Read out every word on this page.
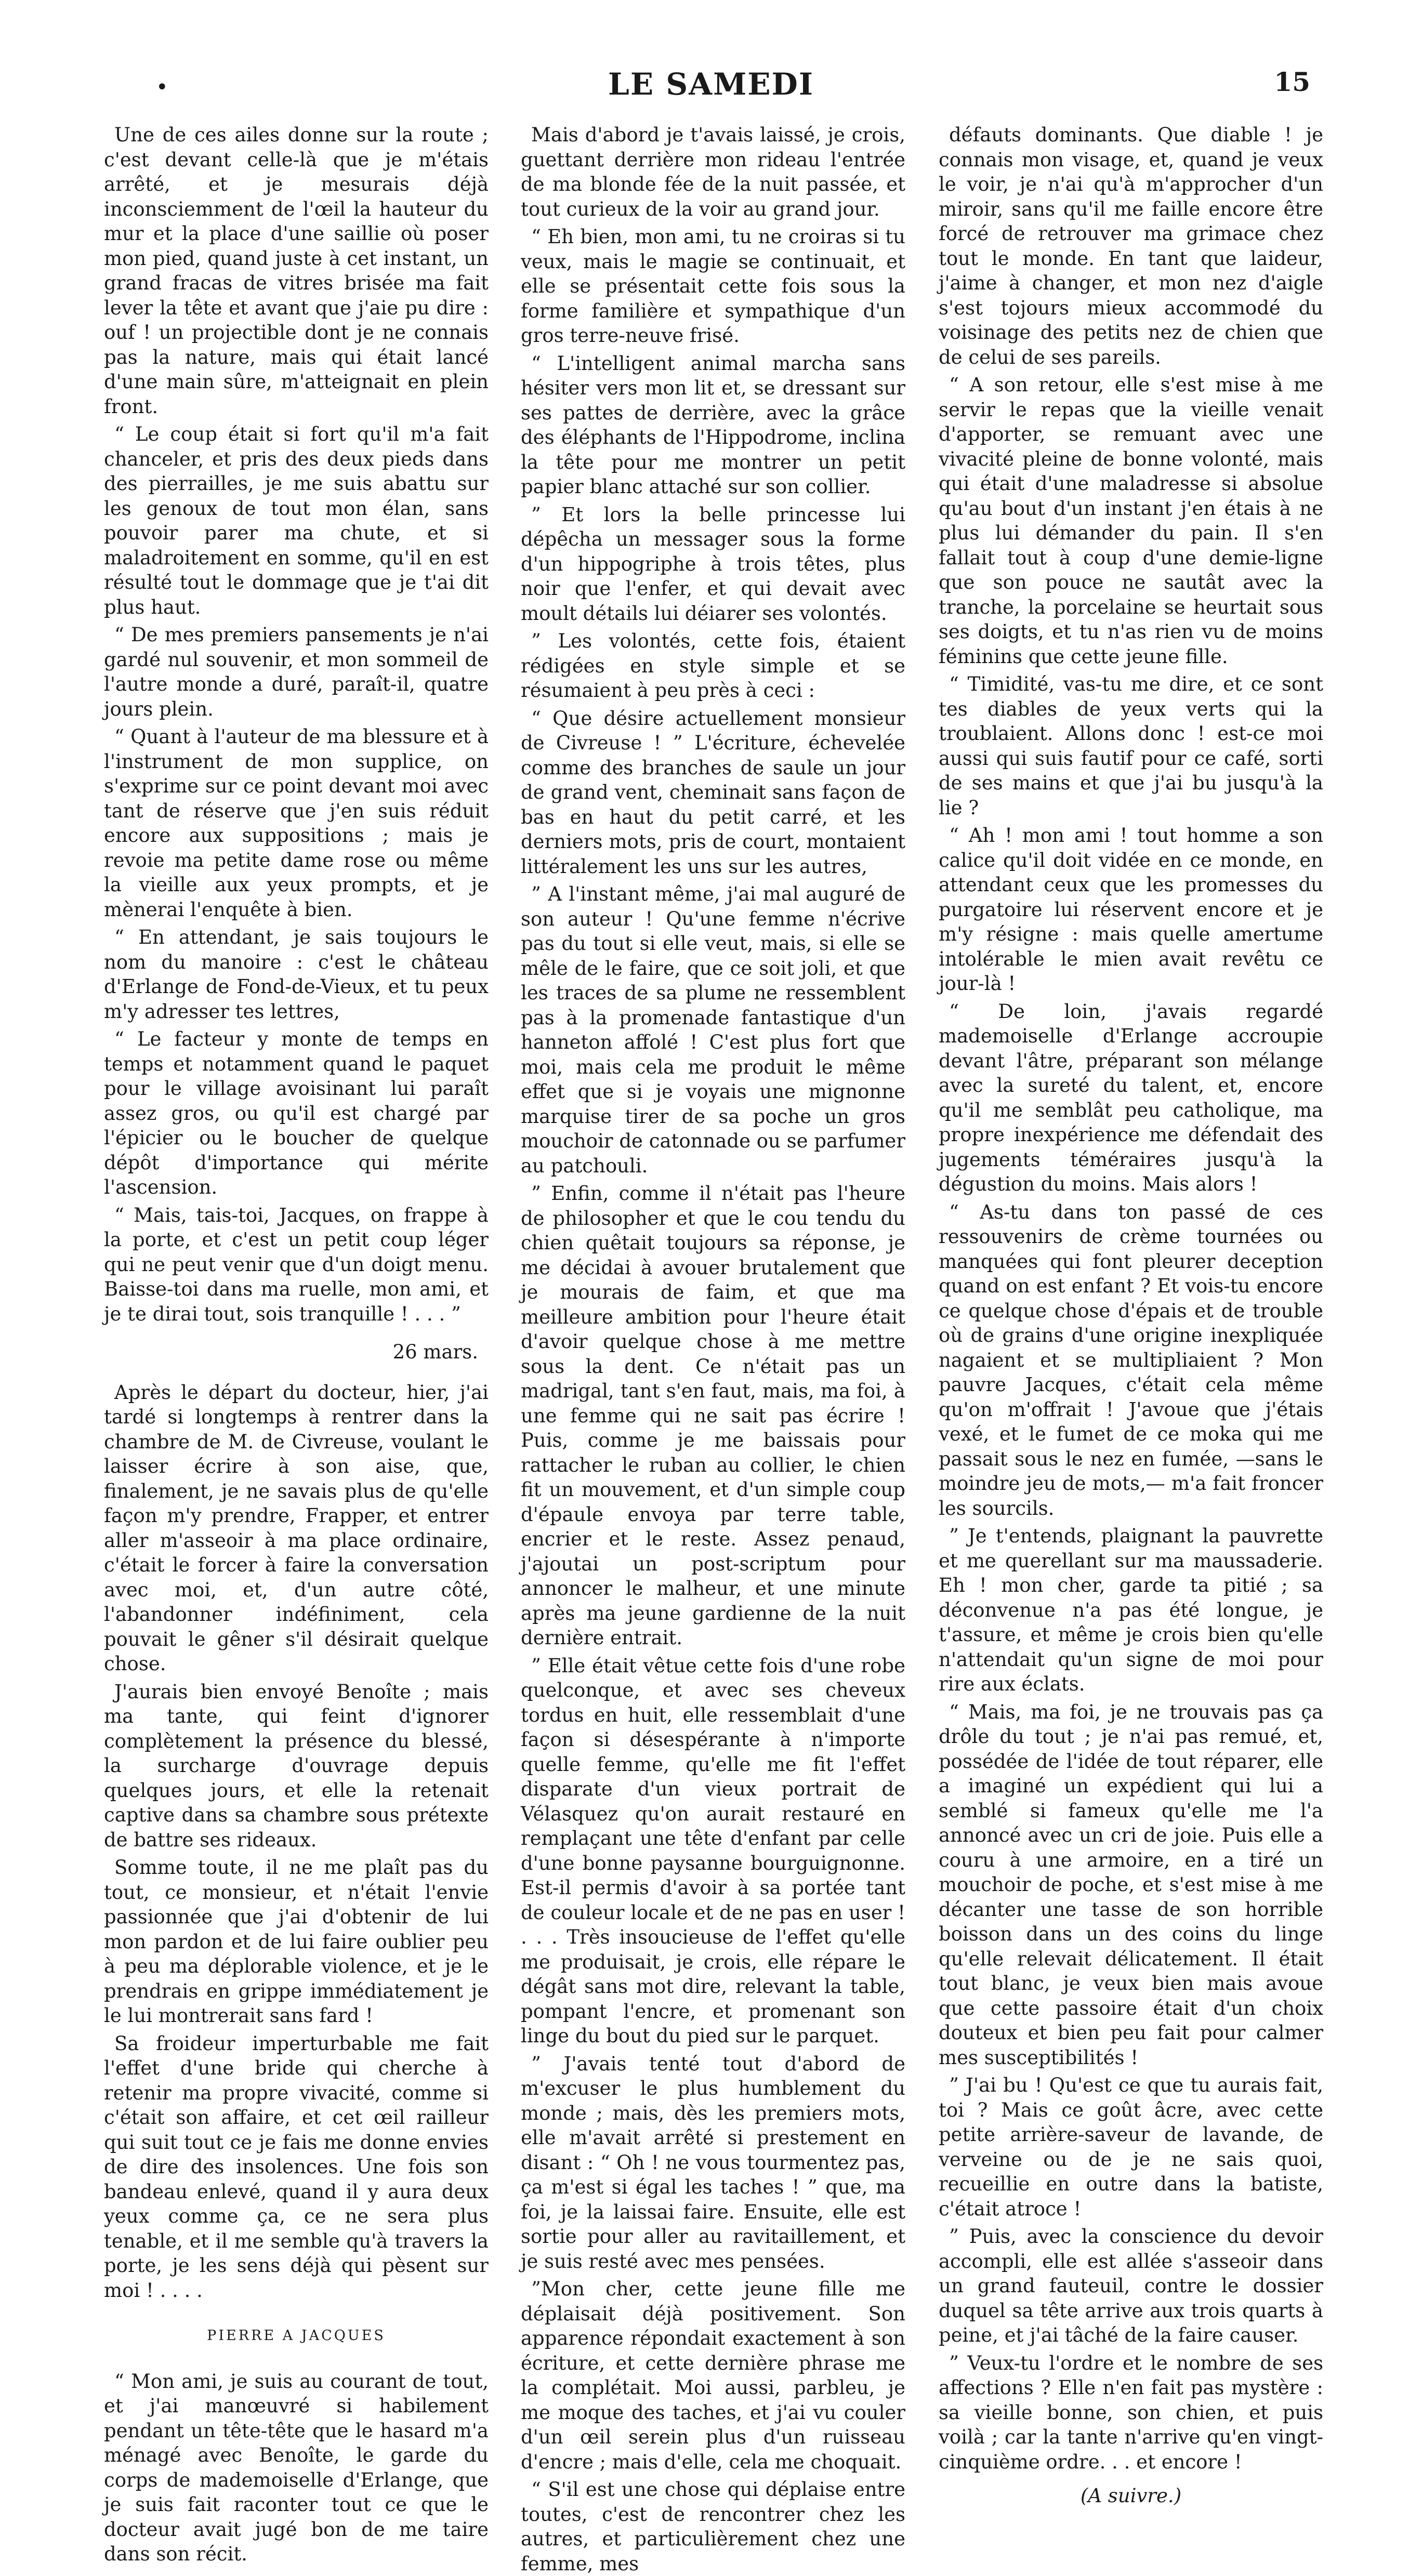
•	LE SAMEDI	15

Une de ces ailes donne sur la route ; c'est devant celle-là que je m'étais arrêté, et je mesurais déjà inconsciemment de l'œil la hauteur du mur et la place d'une saillie où poser mon pied, quand juste à cet instant, un grand fracas de vitres brisée ma fait lever la tête et avant que j'aie pu dire : ouf ! un projectible dont je ne connais pas la nature, mais qui était lancé d'une main sûre, m'atteignait en plein front.

“ Le coup était si fort qu'il m'a fait chanceler, et pris des deux pieds dans des pierrailles, je me suis abattu sur les genoux de tout mon élan, sans pouvoir parer ma chute, et si maladroitement en somme, qu'il en est résulté tout le dommage que je t'ai dit plus haut.

“ De mes premiers pansements je n'ai gardé nul souvenir, et mon sommeil de l'autre monde a duré, paraît-il, quatre jours plein.

“ Quant à l'auteur de ma blessure et à l'instrument de mon supplice, on s'exprime sur ce point devant moi avec tant de réserve que j'en suis réduit encore aux suppositions ; mais je revoie ma petite dame rose ou même la vieille aux yeux prompts, et je mènerai l'enquête à bien.

“ En attendant, je sais toujours le nom du manoire : c'est le château d'Erlange de Fond-de-Vieux, et tu peux m'y adresser tes lettres,

“ Le facteur y monte de temps en temps et notamment quand le paquet pour le village avoisinant lui paraît assez gros, ou qu'il est chargé par l'épicier ou le boucher de quelque dépôt d'importance qui mérite l'ascension.

“ Mais, tais-toi, Jacques, on frappe à la porte, et c'est un petit coup léger qui ne peut venir que d'un doigt menu. Baisse-toi dans ma ruelle, mon ami, et je te dirai tout, sois tranquille ! . . . ”

26 mars.

Après le départ du docteur, hier, j'ai tardé si longtemps à rentrer dans la chambre de M. de Civreuse, voulant le laisser écrire à son aise, que, finalement, je ne savais plus de qu'elle façon m'y prendre, Frapper, et entrer aller m'asseoir à ma place ordinaire, c'était le forcer à faire la conversation avec moi, et, d'un autre côté, l'abandonner indéfiniment, cela pouvait le gêner s'il désirait quelque chose.

J'aurais bien envoyé Benoîte ; mais ma tante, qui feint d'ignorer complètement la présence du blessé, la surcharge d'ouvrage depuis quelques jours, et elle la retenait captive dans sa chambre sous prétexte de battre ses rideaux.

Somme toute, il ne me plaît pas du tout, ce monsieur, et n'était l'envie passionnée que j'ai d'obtenir de lui mon pardon et de lui faire oublier peu à peu ma déplorable violence, et je le prendrais en grippe immédiatement je le lui montrerait sans fard !

Sa froideur imperturbable me fait l'effet d'une bride qui cherche à retenir ma propre vivacité, comme si c'était son affaire, et cet œil railleur qui suit tout ce je fais me donne envies de dire des insolences. Une fois son bandeau enlevé, quand il y aura deux yeux comme ça, ce ne sera plus tenable, et il me semble qu'à travers la porte, je les sens déjà qui pèsent sur moi ! . . . .

PIERRE A JACQUES

“ Mon ami, je suis au courant de tout, et j'ai manœuvré si habilement pendant un tête-tête que le hasard m'a ménagé avec Benoîte, le garde du corps de mademoiselle d'Erlange, que je suis fait raconter tout ce que le docteur avait jugé bon de me taire dans son récit.

Mais d'abord je t'avais laissé, je crois, guettant derrière mon rideau l'entrée de ma blonde fée de la nuit passée, et tout curieux de la voir au grand jour.

“ Eh bien, mon ami, tu ne croiras si tu veux, mais le magie se continuait, et elle se présentait cette fois sous la forme familière et sympathique d'un gros terre-neuve frisé.

“ L'intelligent animal marcha sans hésiter vers mon lit et, se dressant sur ses pattes de derrière, avec la grâce des éléphants de l'Hippodrome, inclina la tête pour me montrer un petit papier blanc attaché sur son collier.

” Et lors la belle princesse lui dépêcha un messager sous la forme d'un hippogriphe à trois têtes, plus noir que l'enfer, et qui devait avec moult détails lui déiarer ses volontés.

” Les volontés, cette fois, étaient rédigées en style simple et se résumaient à peu près à ceci :

“ Que désire actuellement monsieur de Civreuse ! ” L'écriture, échevelée comme des branches de saule un jour de grand vent, cheminait sans façon de bas en haut du petit carré, et les derniers mots, pris de court, montaient littéralement les uns sur les autres,

” A l'instant même, j'ai mal auguré de son auteur ! Qu'une femme n'écrive pas du tout si elle veut, mais, si elle se mêle de le faire, que ce soit joli, et que les traces de sa plume ne ressemblent pas à la promenade fantastique d'un hanneton affolé ! C'est plus fort que moi, mais cela me produit le même effet que si je voyais une mignonne marquise tirer de sa poche un gros mouchoir de catonnade ou se parfumer au patchouli.

” Enfin, comme il n'était pas l'heure de philosopher et que le cou tendu du chien quêtait toujours sa réponse, je me décidai à avouer brutalement que je mourais de faim, et que ma meilleure ambition pour l'heure était d'avoir quelque chose à me mettre sous la dent. Ce n'était pas un madrigal, tant s'en faut, mais, ma foi, à une femme qui ne sait pas écrire ! Puis, comme je me baissais pour rattacher le ruban au collier, le chien fit un mouvement, et d'un simple coup d'épaule envoya par terre table, encrier et le reste. Assez penaud, j'ajoutai un post-scriptum pour annoncer le malheur, et une minute après ma jeune gardienne de la nuit dernière entrait.

” Elle était vêtue cette fois d'une robe quelconque, et avec ses cheveux tordus en huit, elle ressemblait d'une façon si désespérante à n'importe quelle femme, qu'elle me fit l'effet disparate d'un vieux portrait de Vélasquez qu'on aurait restauré en remplaçant une tête d'enfant par celle d'une bonne paysanne bourguignonne. Est-il permis d'avoir à sa portée tant de couleur locale et de ne pas en user ! . . . Très insoucieuse de l'effet qu'elle me produisait, je crois, elle répare le dégât sans mot dire, relevant la table, pompant l'encre, et promenant son linge du bout du pied sur le parquet.

” J'avais tenté tout d'abord de m'excuser le plus humblement du monde ; mais, dès les premiers mots, elle m'avait arrêté si prestement en disant : “ Oh ! ne vous tourmentez pas, ça m'est si égal les taches ! ” que, ma foi, je la laissai faire. Ensuite, elle est sortie pour aller au ravitaillement, et je suis resté avec mes pensées.

”Mon cher, cette jeune fille me déplaisait déjà positivement. Son apparence répondait exactement à son écriture, et cette dernière phrase me la complétait. Moi aussi, parbleu, je me moque des taches, et j'ai vu couler d'un œil serein plus d'un ruisseau d'encre ; mais d'elle, cela me choquait.

“ S'il est une chose qui déplaise entre toutes, c'est de rencontrer chez les autres, et particulièrement chez une femme, mes

défauts dominants. Que diable ! je connais mon visage, et, quand je veux le voir, je n'ai qu'à m'approcher d'un miroir, sans qu'il me faille encore être forcé de retrouver ma grimace chez tout le monde. En tant que laideur, j'aime à changer, et mon nez d'aigle s'est tojours mieux accommodé du voisinage des petits nez de chien que de celui de ses pareils.

“ A son retour, elle s'est mise à me servir le repas que la vieille venait d'apporter, se remuant avec une vivacité pleine de bonne volonté, mais qui était d'une maladresse si absolue qu'au bout d'un instant j'en étais à ne plus lui démander du pain. Il s'en fallait tout à coup d'une demie-ligne que son pouce ne sautât avec la tranche, la porcelaine se heurtait sous ses doigts, et tu n'as rien vu de moins féminins que cette jeune fille.

“ Timidité, vas-tu me dire, et ce sont tes diables de yeux verts qui la troublaient. Allons donc ! est-ce moi aussi qui suis fautif pour ce café, sorti de ses mains et que j'ai bu jusqu'à la lie ?

“ Ah ! mon ami ! tout homme a son calice qu'il doit vidée en ce monde, en attendant ceux que les promesses du purgatoire lui réservent encore et je m'y résigne : mais quelle amertume intolérable le mien avait revêtu ce jour-là !

“ De loin, j'avais regardé mademoiselle d'Erlange accroupie devant l'âtre, préparant son mélange avec la sureté du talent, et, encore qu'il me semblât peu catholique, ma propre inexpérience me défendait des jugements téméraires jusqu'à la dégustion du moins. Mais alors !

“ As-tu dans ton passé de ces ressouvenirs de crème tournées ou manquées qui font pleurer deception quand on est enfant ? Et vois-tu encore ce quelque chose d'épais et de trouble où de grains d'une origine inexpliquée nagaient et se multipliaient ? Mon pauvre Jacques, c'était cela même qu'on m'offrait ! J'avoue que j'étais vexé, et le fumet de ce moka qui me passait sous le nez en fumée, —sans le moindre jeu de mots,— m'a fait froncer les sourcils.

” Je t'entends, plaignant la pauvrette et me querellant sur ma maussaderie. Eh ! mon cher, garde ta pitié ; sa déconvenue n'a pas été longue, je t'assure, et même je crois bien qu'elle n'attendait qu'un signe de moi pour rire aux éclats.

“ Mais, ma foi, je ne trouvais pas ça drôle du tout ; je n'ai pas remué, et, possédée de l'idée de tout réparer, elle a imaginé un expédient qui lui a semblé si fameux qu'elle me l'a annoncé avec un cri de joie. Puis elle a couru à une armoire, en a tiré un mouchoir de poche, et s'est mise à me décanter une tasse de son horrible boisson dans un des coins du linge qu'elle relevait délicatement. Il était tout blanc, je veux bien mais avoue que cette passoire était d'un choix douteux et bien peu fait pour calmer mes susceptibilités !

” J'ai bu ! Qu'est ce que tu aurais fait, toi ? Mais ce goût âcre, avec cette petite arrière-saveur de lavande, de verveine ou de je ne sais quoi, recueillie en outre dans la batiste, c'était atroce !

” Puis, avec la conscience du devoir accompli, elle est allée s'asseoir dans un grand fauteuil, contre le dossier duquel sa tête arrive aux trois quarts à peine, et j'ai tâché de la faire causer.

” Veux-tu l'ordre et le nombre de ses affections ? Elle n'en fait pas mystère : sa vieille bonne, son chien, et puis voilà ; car la tante n'arrive qu'en vingt-cinquième ordre. . . et encore !

(A suivre.)
